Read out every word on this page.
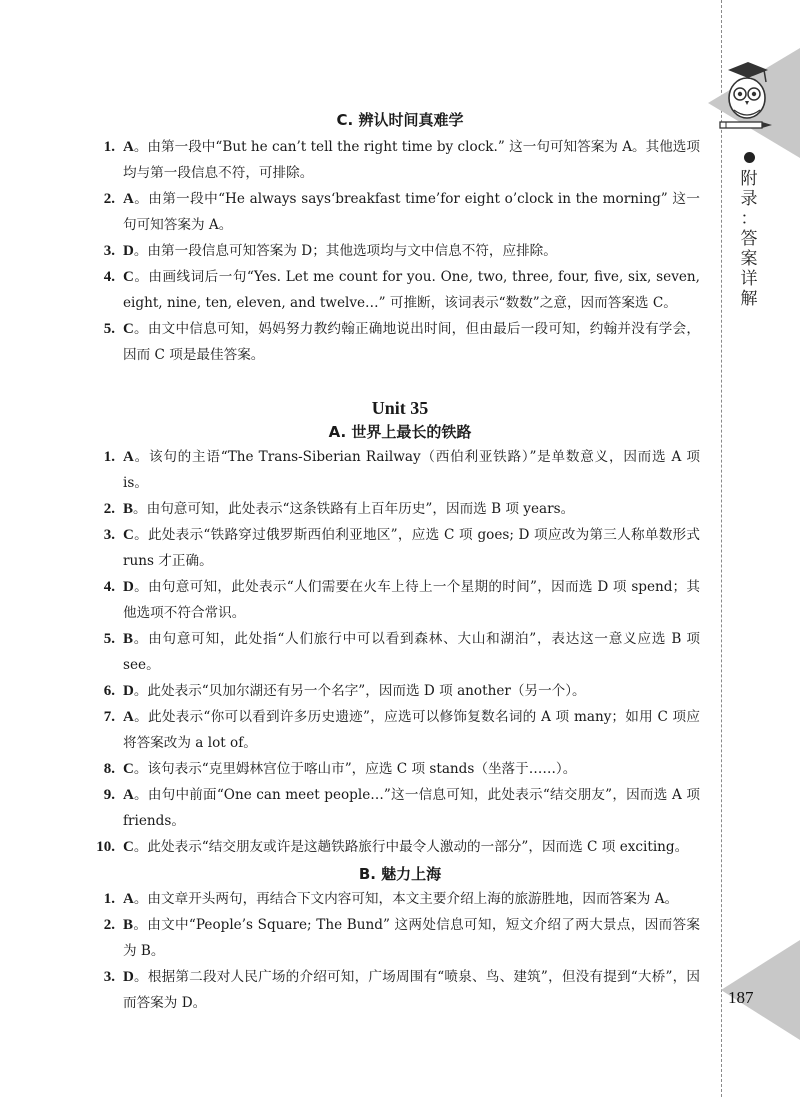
附
录
：
答
案
详
解
187
C. 辨认时间真难学
1. A。由第一段中“But he can’t tell the right time by clock.” 这一句可知答案为 A。其他选项均与第一段信息不符，可排除。
2. A。由第一段中“He always says‘breakfast time’for eight o’clock in the morning” 这一句可知答案为 A。
3. D。由第一段信息可知答案为 D；其他选项均与文中信息不符，应排除。
4. C。由画线词后一句“Yes. Let me count for you. One, two, three, four, five, six, seven, eight, nine, ten, eleven, and twelve…” 可推断，该词表示“数数”之意，因而答案选 C。
5. C。由文中信息可知，妈妈努力教约翰正确地说出时间，但由最后一段可知，约翰并没有学会，因而 C 项是最佳答案。
Unit 35
A. 世界上最长的铁路
1. A。该句的主语“The Trans-Siberian Railway（西伯利亚铁路）”是单数意义，因而选 A 项 is。
2. B。由句意可知，此处表示“这条铁路有上百年历史”，因而选 B 项 years。
3. C。此处表示“铁路穿过俄罗斯西伯利亚地区”，应选 C 项 goes; D 项应改为第三人称单数形式 runs 才正确。
4. D。由句意可知，此处表示“人们需要在火车上待上一个星期的时间”，因而选 D 项 spend；其他选项不符合常识。
5. B。由句意可知，此处指“人们旅行中可以看到森林、大山和湖泊”，表达这一意义应选 B 项 see。
6. D。此处表示“贝加尔湖还有另一个名字”，因而选 D 项 another（另一个）。
7. A。此处表示“你可以看到许多历史遗迹”，应选可以修饰复数名词的 A 项 many；如用 C 项应将答案改为 a lot of。
8. C。该句表示“克里姆林宫位于喀山市”，应选 C 项 stands（坐落于……）。
9. A。由句中前面“One can meet people…”这一信息可知，此处表示“结交朋友”，因而选 A 项 friends。
10. C。此处表示“结交朋友或许是这趟铁路旅行中最令人激动的一部分”，因而选 C 项 exciting。
B. 魅力上海
1. A。由文章开头两句，再结合下文内容可知，本文主要介绍上海的旅游胜地，因而答案为 A。
2. B。由文中“People’s Square; The Bund” 这两处信息可知，短文介绍了两大景点，因而答案为 B。
3. D。根据第二段对人民广场的介绍可知，广场周围有“喷泉、鸟、建筑”，但没有提到“大桥”，因而答案为 D。
